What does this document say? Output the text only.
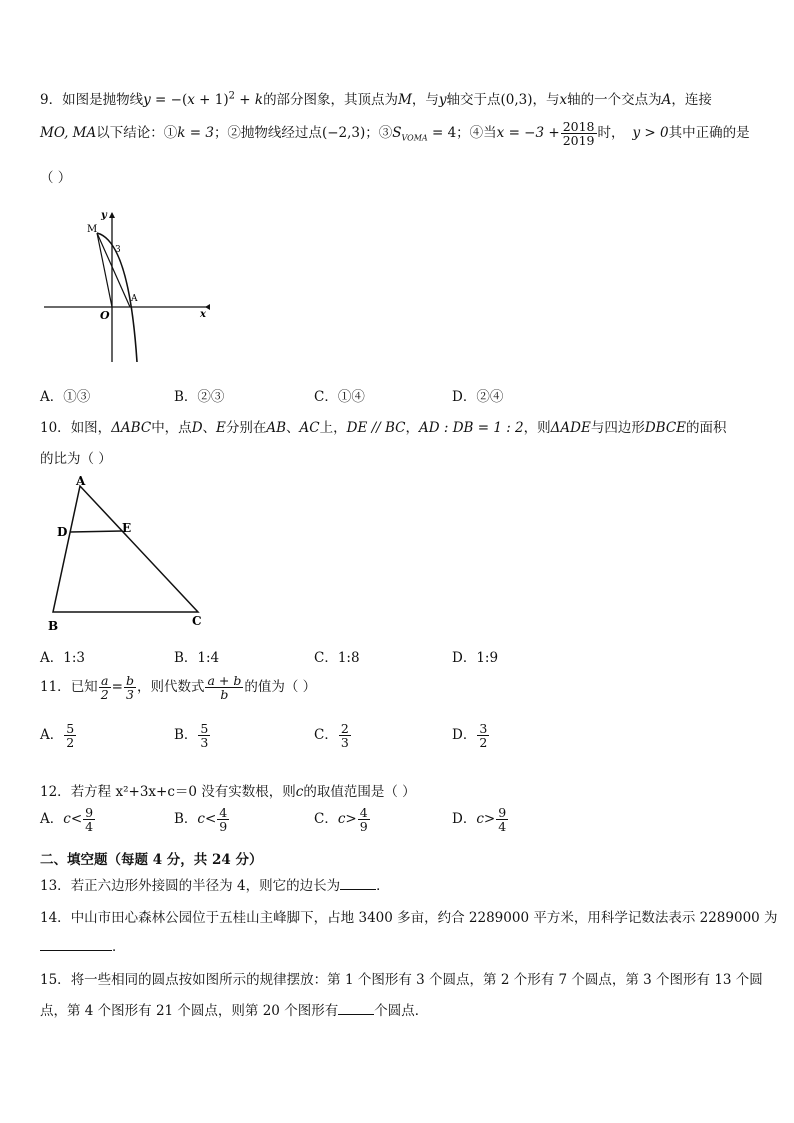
9．如图是抛物线$y = -(x + 1)^2 + k$的部分图象，其顶点为M，与y轴交于点(0,3)，与x轴的一个交点为A，连接
MO, MA以下结论：①k = 3；②抛物线经过点(−2,3)；$③S_{VOMA} = 4$；④当$x = -3 + \frac{2018}{2019}$ 时， y > 0其中正确的是
（ ）
y
x
M
3
O
A
A．①③	B．②③	C．①④	D．②④
10．如图，ΔABC中，点D、E分别在AB、AC上，DE // BC，AD : DB = 1 : 2，则ΔADE与四边形DBCE的面积
的比为（ ）
A
D	E
B	C
A．1:3	B．1:4	C．1:8	D．1:9
11．已知 $\frac{a}{2} = \frac{b}{3}$ ，则代数式 $\frac{a + b}{b}$ 的值为（ ）
A． $\frac{5}{2}$	B． $\frac{5}{3}$	C． $\frac{2}{3}$	D． $\frac{3}{2}$
12．若方程 x²+3x+c＝0 没有实数根，则c的取值范围是（ ）
A．$c< \frac{9}{4}$	B．$c< \frac{4}{9}$	C．$c> \frac{4}{9}$	D．$c> \frac{9}{4}$
二、填空题（每题 4 分，共 24 分）
13．若正六边形外接圆的半径为 4，则它的边长为	．
14．中山市田心森林公园位于五桂山主峰脚下，占地 3400 多亩，约合 2289000 平方米，用科学记数法表示 2289000 为
．
15．将一些相同的圆点按如图所示的规律摆放：第 1 个图形有 3 个圆点，第 2 个形有 7 个圆点，第 3 个图形有 13 个圆
点，第 4 个图形有 21 个圆点，则第 20 个图形有	个圆点．
